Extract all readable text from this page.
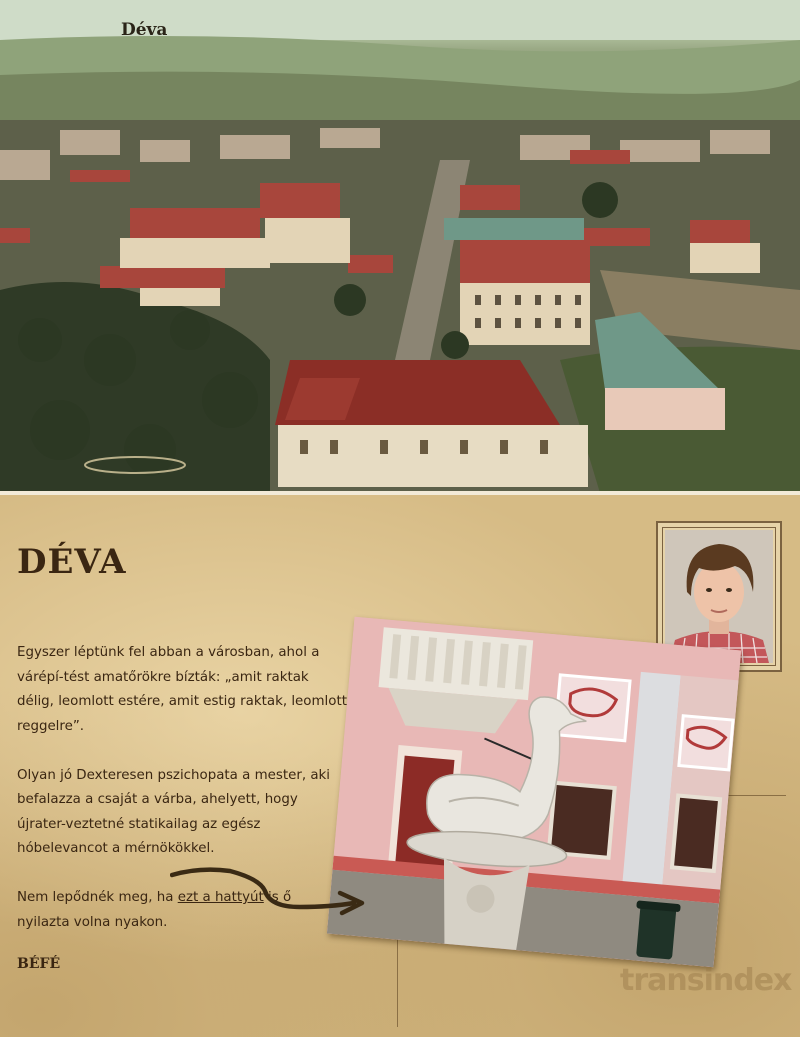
Déva
DÉVA

Egyszer léptünk fel abban a városban, ahol a várépí-tést amatőrökre bízták: „amit raktak délig, leomlott estére, amit estig raktak, leomlott reggelre”.

Olyan jó Dexteresen pszichopata a mester, aki befalazza a csaját a várba, ahelyett, hogy újrater-veztetné statikailag az egész hóbelevancot a mérnökökkel.

Nem lepődnék meg, ha ezt a hattyút is ő nyilazta volna nyakon.

BÉFÉ	transindex
